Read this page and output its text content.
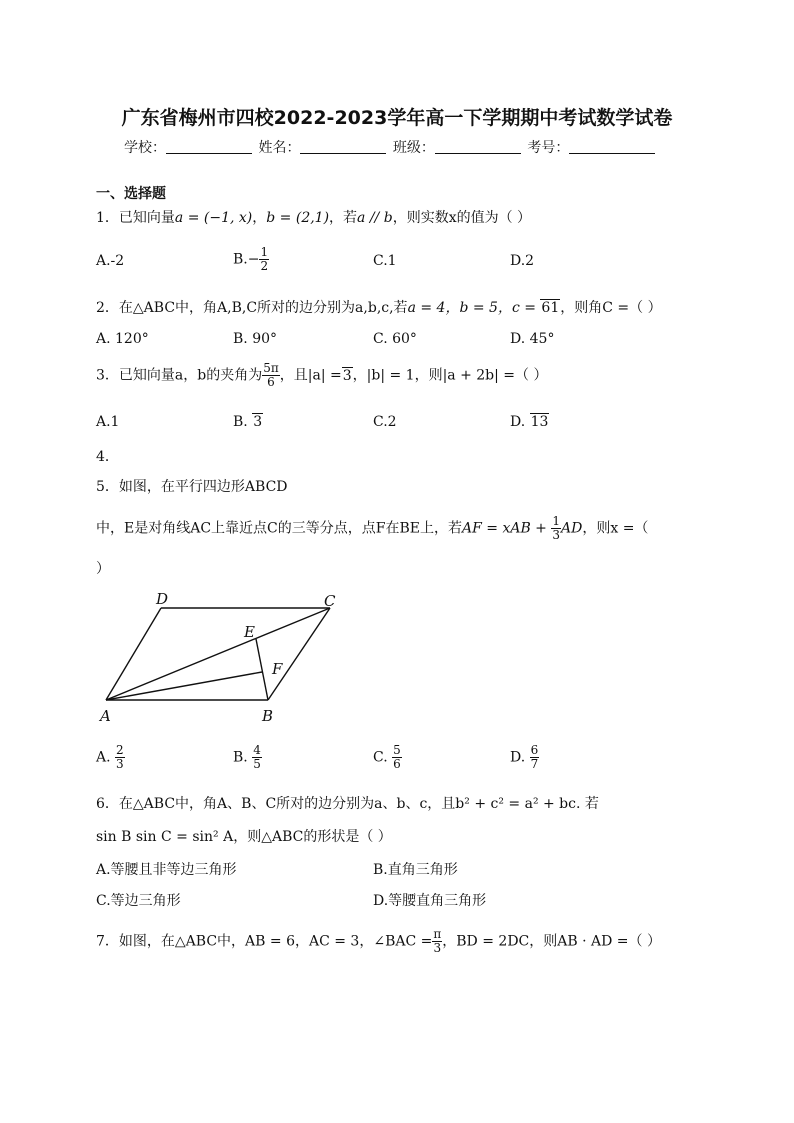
广东省梅州市四校2022-2023学年高一下学期期中考试数学试卷
学校：	姓名：	班级：	考号：
一、选择题
1．已知向量a = (−1, x)，b = (2,1)，若a // b，则实数x的值为（ ）
A.-2	$B.- \frac{1}{2}$	C.1	D.2
2．在△ABC中，角A,B,C所对的边分别为a,b,c,若a = 4，b = 5，c = 61，则角C =（ ）
A. 120°	B. 90°	C. 60°	D. 45°
3．已知向量a，b的夹角为 $\frac{5\pi}{6}$ ，且|a| =3，|b| = 1，则|a + 2b| =（ ）
A.1	B. 3	C.2	D. 13
4．
5．如图，在平行四边形ABCD
中，E是对角线AC上靠近点C的三等分点，点F在BE上，若AF = xAB + $\frac{1}{3}$ AD，则x =（
）
D	C
E
F
A	B
A. $\frac{2}{3}$	B. $\frac{4}{5}$	C. $\frac{5}{6}$	D. $\frac{6}{7}$
6．在△ABC中，角A、B、C所对的边分别为a、b、c，且b² + c² = a² + bc. 若
sin B sin C = sin² A，则△ABC的形状是（ ）
A.等腰且非等边三角形	B.直角三角形
C.等边三角形	D.等腰直角三角形
7．如图，在△ABC中，AB = 6，AC = 3，∠BAC = $\frac{\pi}{3}$ ，BD = 2DC，则AB · AD =（ ）
